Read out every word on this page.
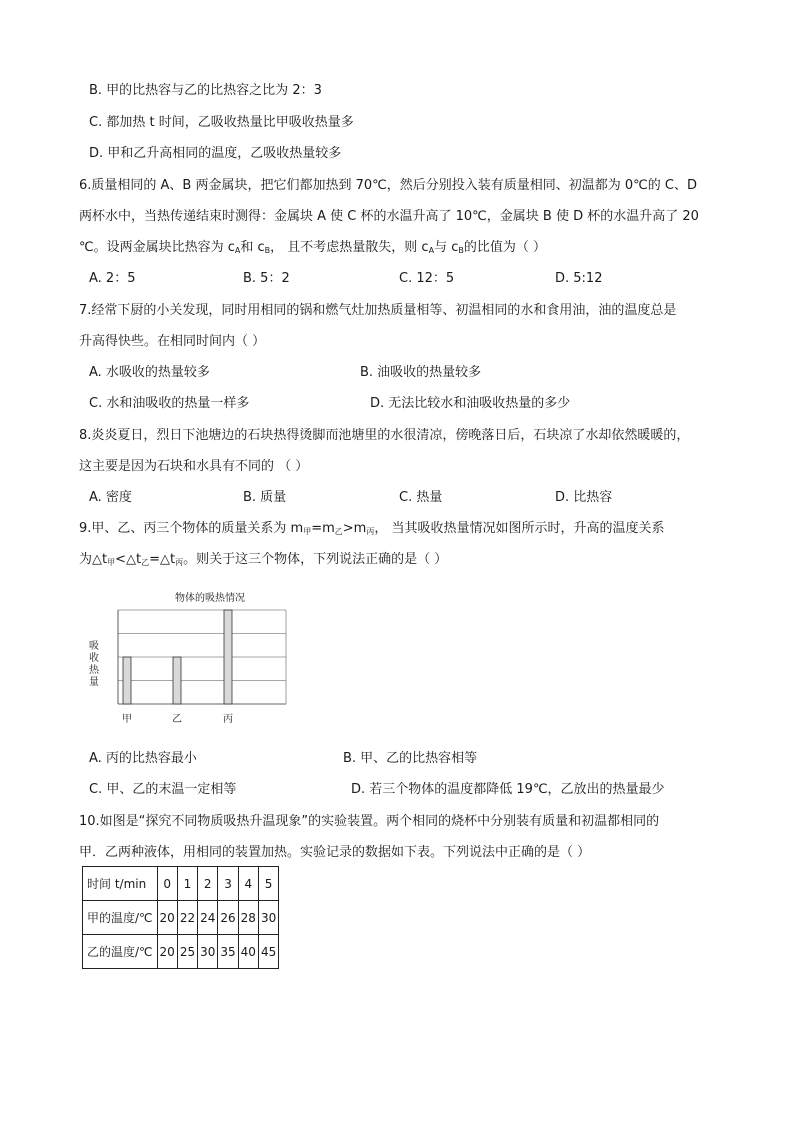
B. 甲的比热容与乙的比热容之比为 2：3
C. 都加热 t 时间，乙吸收热量比甲吸收热量多
D. 甲和乙升高相同的温度，乙吸收热量较多
6.质量相同的 A、B 两金属块，把它们都加热到 70℃，然后分别投入装有质量相同、初温都为 0℃的 C、D
两杯水中，当热传递结束时测得：金属块 A 使 C 杯的水温升高了 10℃，金属块 B 使 D 杯的水温升高了 20
℃。设两金属块比热容为 $c_A$和 $c_B$， 且不考虑热量散失，则 $c_A$与 $c_B$的比值为（ ）
A. 2：5	B. 5：2	C. 12：5	D. 5:12
7.经常下厨的小关发现，同时用相同的锅和燃气灶加热质量相等、初温相同的水和食用油，油的温度总是
升高得快些。在相同时间内（ ）
A. 水吸收的热量较多	B. 油吸收的热量较多
C. 水和油吸收的热量一样多	D. 无法比较水和油吸收热量的多少
8.炎炎夏日，烈日下池塘边的石块热得烫脚而池塘里的水很清凉，傍晚落日后，石块凉了水却依然暖暖的，
这主要是因为石块和水具有不同的 （ ）
A. 密度	B. 质量	C. 热量	D. 比热容
9.甲、乙、丙三个物体的质量关系为 $m_甲=m_乙>m_丙$， 当其吸收热量情况如图所示时，升高的温度关系
为$\triangle t_甲<\triangle t_乙=\triangle t_丙$。则关于这三个物体，下列说法正确的是（ ）
物体的吸热情况
吸收热量
甲	乙	丙
A. 丙的比热容最小	B. 甲、乙的比热容相等
C. 甲、乙的末温一定相等	D. 若三个物体的温度都降低 19℃，乙放出的热量最少
10.如图是“探究不同物质吸热升温现象”的实验装置。两个相同的烧杯中分别装有质量和初温都相同的
甲．乙两种液体，用相同的装置加热。实验记录的数据如下表。下列说法中正确的是（ ）
时间 t/min	0	1	2	3	4	5
甲的温度/℃	20	22	24	26	28	30
乙的温度/℃	20	25	30	35	40	45
